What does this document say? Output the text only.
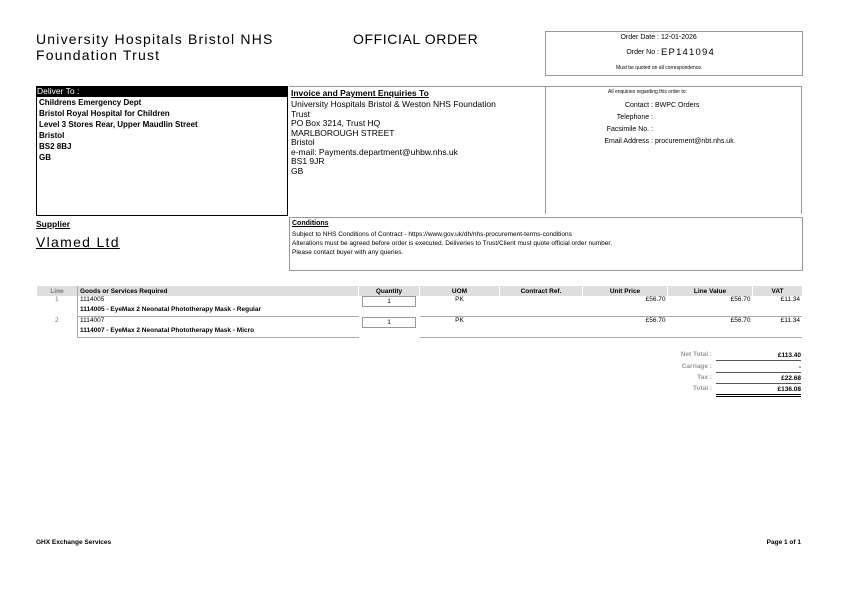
University Hospitals Bristol NHS
Foundation Trust
OFFICIAL ORDER	Order Date : 12-01-2026
Order No : EP141094
Must be quoted on all correspondence.
Deliver To :
Childrens Emergency Dept
Bristol Royal Hospital for Children
Level 3 Stores Rear, Upper Maudlin Street
Bristol
BS2 8BJ
GB
Invoice and Payment Enquiries To
University Hospitals Bristol & Weston NHS Foundation
Trust
PO Box 3214, Trust HQ
MARLBOROUGH STREET
Bristol
e-mail: Payments.department@uhbw.nhs.uk
BS1 9JR
GB
All enquiries regarding this order to:
Contact : BWPC Orders
Telephone :
Facsimile No. :
Email Address : procurement@nbt.nhs.uk
Supplier
Vlamed Ltd
Conditions
Subject to NHS Conditions of Contract - https://www.gov.uk/dh/nhs-procurement-terms-conditions
Alterations must be agreed before order is executed. Deliveries to Trust/Client must quote official order number.
Please contact buyer with any queries.
Line	Goods or Services Required	Quantity	UOM	Contract Ref.	Unit Price	Line Value	VAT
1	1114005	1	PK		£56.70	£56.70	£11.34
	1114005 - EyeMax 2 Neonatal Phototherapy Mask - Regular						
2	1114007	1	PK		£56.70	£56.70	£11.34
	1114007 - EyeMax 2 Neonatal Phototherapy Mask - Micro						
Net Total :	£113.40
Carriage :	-
Tax :	£22.68
Total :	£136.08
GHX Exchange Services	Page 1 of 1
